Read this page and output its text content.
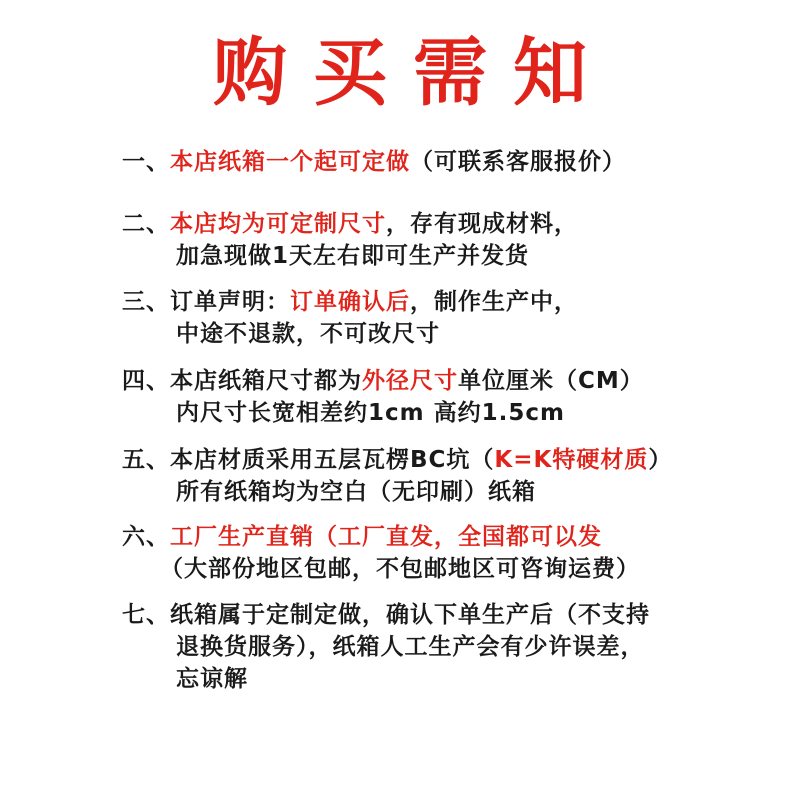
购买需知
一、本店纸箱一个起可定做（可联系客服报价）
二、本店均为可定制尺寸，存有现成材料，
加急现做1天左右即可生产并发货
三、订单声明：订单确认后，制作生产中，
中途不退款，不可改尺寸
四、本店纸箱尺寸都为外径尺寸单位厘米（CM）
内尺寸长宽相差约1cm 高约1.5cm
五、本店材质采用五层瓦楞BC坑（K=K特硬材质）
所有纸箱均为空白（无印刷）纸箱
六、工厂生产直销（工厂直发，全国都可以发
（大部份地区包邮，不包邮地区可咨询运费）
七、纸箱属于定制定做，确认下单生产后（不支持
退换货服务），纸箱人工生产会有少许误差，
忘谅解
